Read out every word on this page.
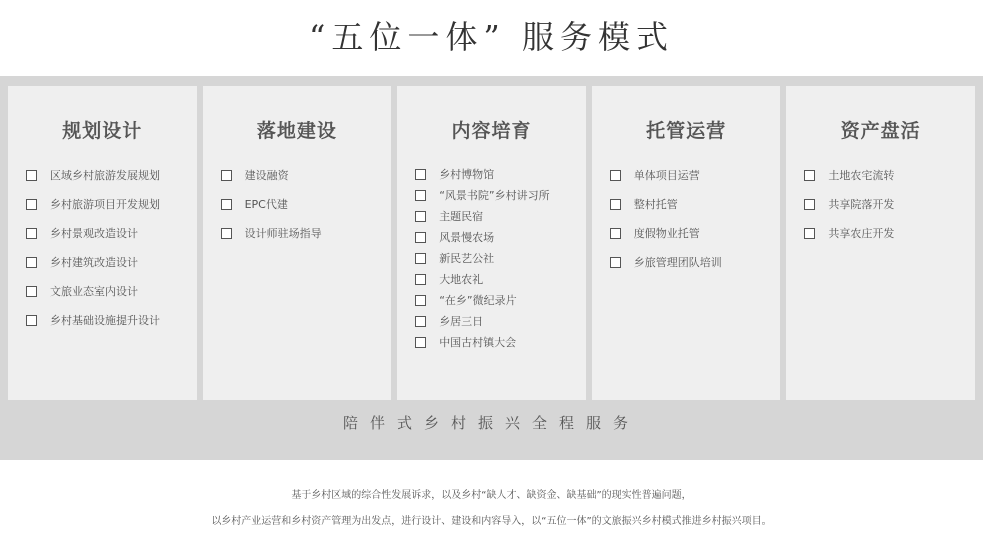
“五位一体” 服务模式
规划设计
区域乡村旅游发展规划
乡村旅游项目开发规划
乡村景观改造设计
乡村建筑改造设计
文旅业态室内设计
乡村基础设施提升设计
落地建设
建设融资
EPC代建
设计师驻场指导
内容培育
乡村博物馆
“风景书院”乡村讲习所
主题民宿
风景慢农场
新民艺公社
大地农礼
“在乡”微纪录片
乡居三日
中国古村镇大会
托管运营
单体项目运营
整村托管
度假物业托管
乡旅管理团队培训
资产盘活
土地农宅流转
共享院落开发
共享农庄开发
陪伴式乡村振兴全程服务
基于乡村区域的综合性发展诉求，以及乡村“缺人才、缺资金、缺基础”的现实性普遍问题，
以乡村产业运营和乡村资产管理为出发点，进行设计、建设和内容导入，以“五位一体”的文旅振兴乡村模式推进乡村振兴项目。
